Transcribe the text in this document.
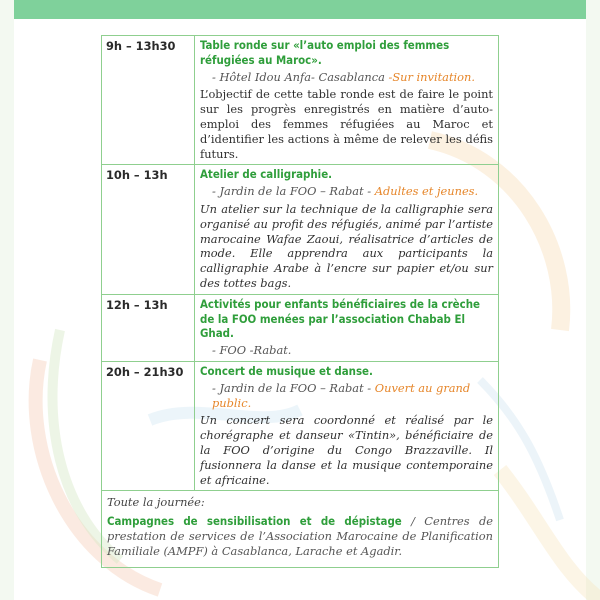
9h – 13h30	Table ronde sur «l’auto emploi des femmes réfugiées au Maroc».
- Hôtel Idou Anfa- Casablanca -Sur invitation.
L’objectif de cette table ronde est de faire le point sur les progrès enregistrés en matière d’auto-emploi des femmes réfugiées au Maroc et d’identifier les actions à même de relever les défis futurs.

10h – 13h	Atelier de calligraphie.
- Jardin de la FOO – Rabat - Adultes et jeunes.
Un atelier sur la technique de la calligraphie sera organisé au profit des réfugiés, animé par l’artiste marocaine Wafae Zaoui, réalisatrice d’articles de mode. Elle apprendra aux participants la calligraphie Arabe à l’encre sur papier et/ou sur des tottes bags.

12h – 13h	Activités pour enfants bénéficiaires de la crèche de la FOO menées par l’association Chabab El Ghad.
- FOO -Rabat.

20h – 21h30	Concert de musique et danse.
- Jardin de la FOO – Rabat - Ouvert au grand public.
Un concert sera coordonné et réalisé par le chorégraphe et danseur «Tintin», bénéficiaire de la FOO d’origine du Congo Brazzaville. Il fusionnera la danse et la musique contemporaine et africaine.

Toute la journée:
Campagnes de sensibilisation et de dépistage / Centres de prestation de services de l’Association Marocaine de Planification Familiale (AMPF) à Casablanca, Larache et Agadir.	
